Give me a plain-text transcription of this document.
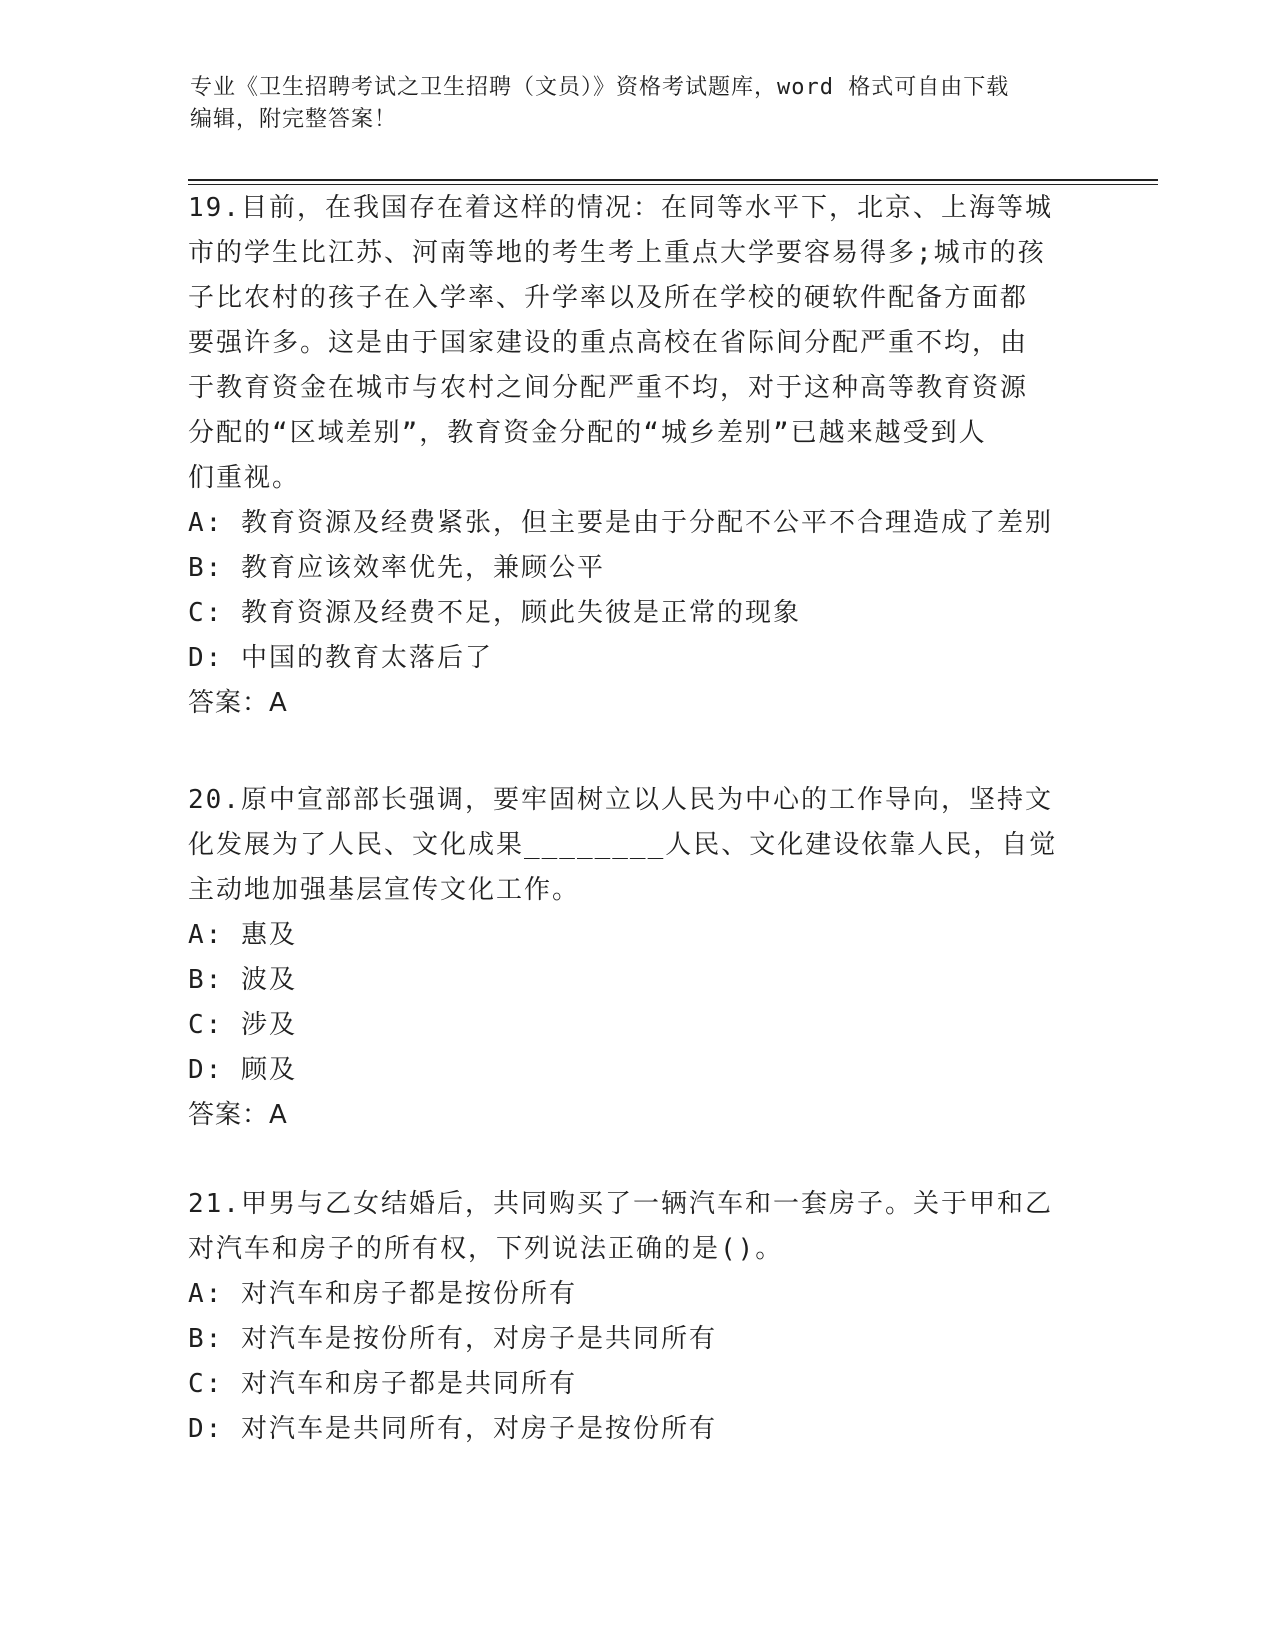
专业《卫生招聘考试之卫生招聘（文员）》资格考试题库，word 格式可自由下载
编辑，附完整答案！

19.目前，在我国存在着这样的情况：在同等水平下，北京、上海等城

市的学生比江苏、河南等地的考生考上重点大学要容易得多;城市的孩

子比农村的孩子在入学率、升学率以及所在学校的硬软件配备方面都

要强许多。这是由于国家建设的重点高校在省际间分配严重不均，由

于教育资金在城市与农村之间分配严重不均，对于这种高等教育资源

分配的“区域差别”，教育资金分配的“城乡差别”已越来越受到人

们重视。

A: 教育资源及经费紧张，但主要是由于分配不公平不合理造成了差别

B: 教育应该效率优先，兼顾公平

C: 教育资源及经费不足，顾此失彼是正常的现象

D: 中国的教育太落后了

答案：A

20.原中宣部部长强调，要牢固树立以人民为中心的工作导向，坚持文

化发展为了人民、文化成果________人民、文化建设依靠人民，自觉

主动地加强基层宣传文化工作。

A: 惠及

B: 波及

C: 涉及

D: 顾及

答案：A

21.甲男与乙女结婚后，共同购买了一辆汽车和一套房子。关于甲和乙

对汽车和房子的所有权，下列说法正确的是()。

A: 对汽车和房子都是按份所有

B: 对汽车是按份所有，对房子是共同所有

C: 对汽车和房子都是共同所有

D: 对汽车是共同所有，对房子是按份所有
